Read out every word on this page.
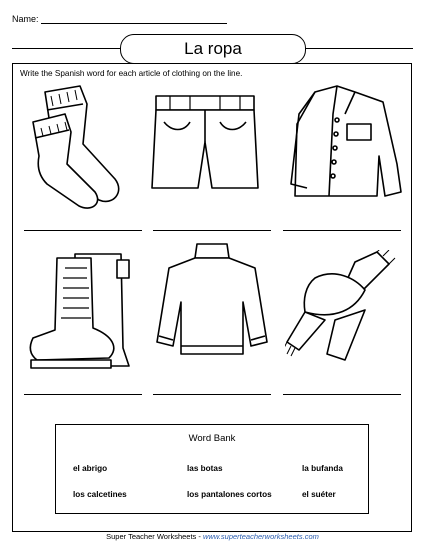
Name:
La ropa
Write the Spanish word for each article of clothing on the line.
Word Bank
el abrigo	las botas	la bufanda
los calcetines	los pantalones cortos	el suéter
Super Teacher Worksheets - www.superteacherworksheets.com
